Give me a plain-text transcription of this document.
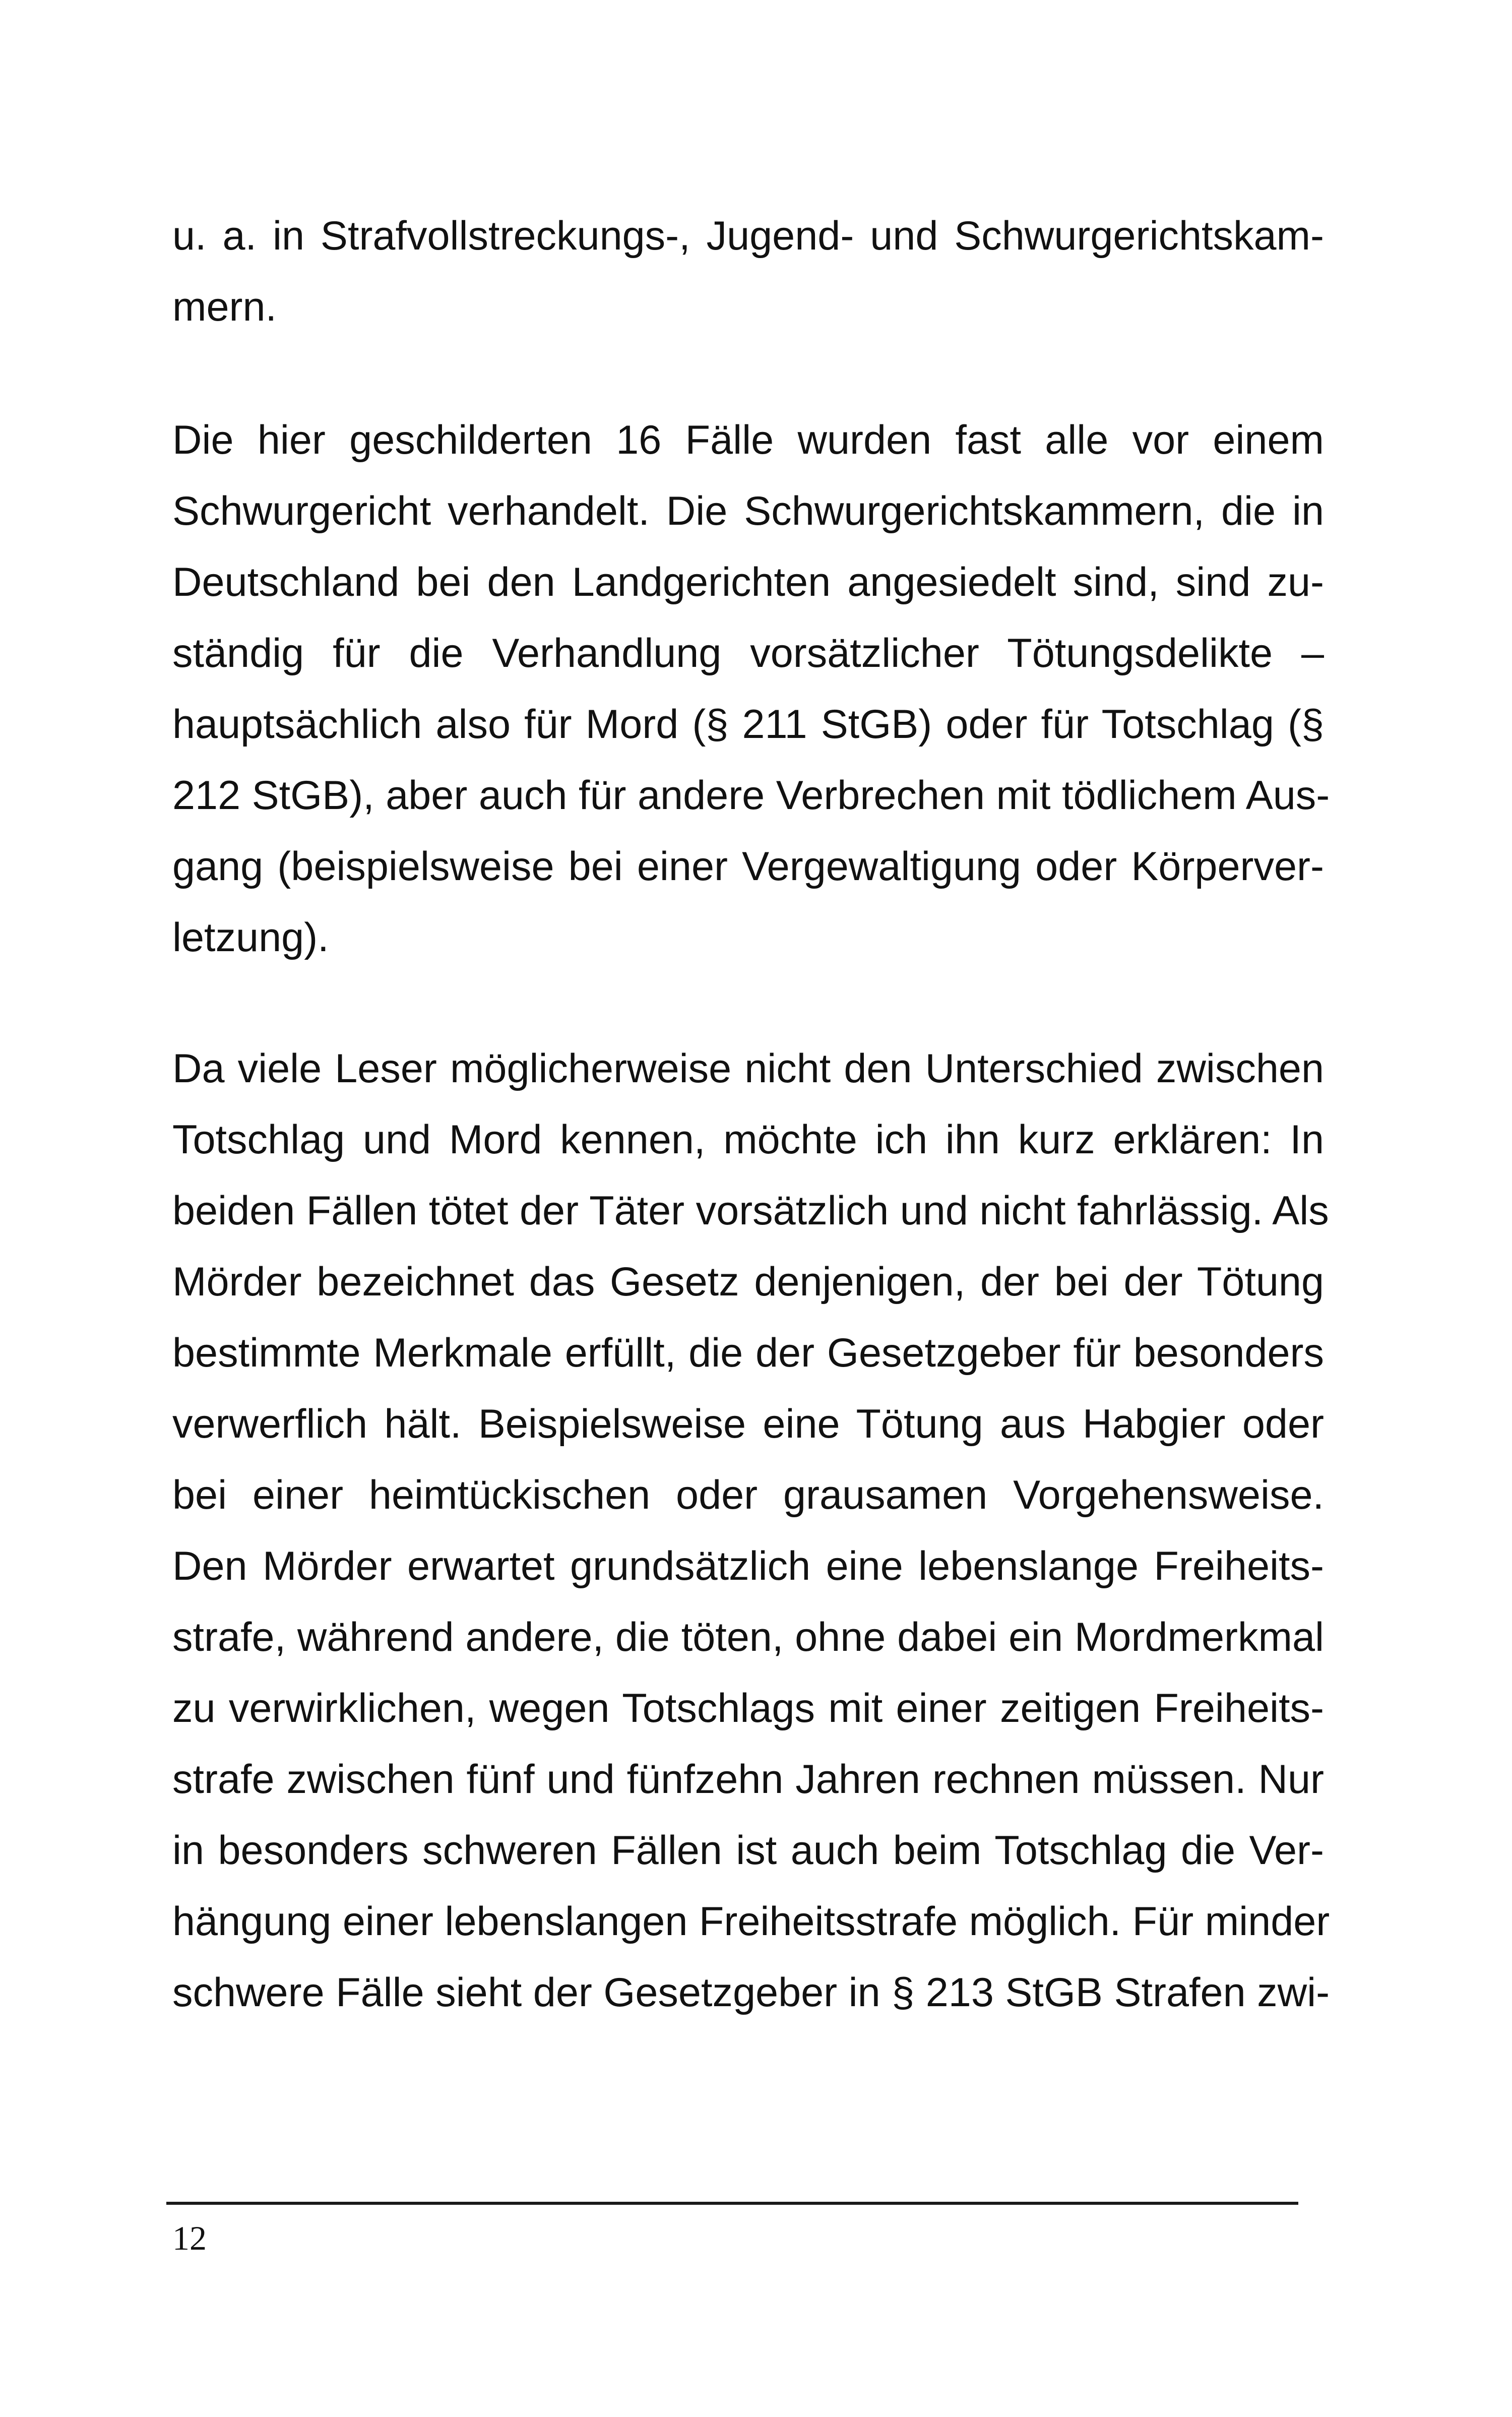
u. a. in Strafvollstreckungs-, Jugend- und Schwurgerichtskam-
mern.
Die hier geschilderten 16 Fälle wurden fast alle vor einem
Schwurgericht verhandelt. Die Schwurgerichtskammern, die in
Deutschland bei den Landgerichten angesiedelt sind, sind zu-
ständig für die Verhandlung vorsätzlicher Tötungsdelikte –
hauptsächlich also für Mord (§ 211 StGB) oder für Totschlag (§
212 StGB), aber auch für andere Verbrechen mit tödlichem Aus-
gang (beispielsweise bei einer Vergewaltigung oder Körperver-
letzung).
Da viele Leser möglicherweise nicht den Unterschied zwischen
Totschlag und Mord kennen, möchte ich ihn kurz erklären: In
beiden Fällen tötet der Täter vorsätzlich und nicht fahrlässig. Als
Mörder bezeichnet das Gesetz denjenigen, der bei der Tötung
bestimmte Merkmale erfüllt, die der Gesetzgeber für besonders
verwerflich hält. Beispielsweise eine Tötung aus Habgier oder
bei einer heimtückischen oder grausamen Vorgehensweise.
Den Mörder erwartet grundsätzlich eine lebenslange Freiheits-
strafe, während andere, die töten, ohne dabei ein Mordmerkmal
zu verwirklichen, wegen Totschlags mit einer zeitigen Freiheits-
strafe zwischen fünf und fünfzehn Jahren rechnen müssen. Nur
in besonders schweren Fällen ist auch beim Totschlag die Ver-
hängung einer lebenslangen Freiheitsstrafe möglich. Für minder
schwere Fälle sieht der Gesetzgeber in § 213 StGB Strafen zwi-
12
